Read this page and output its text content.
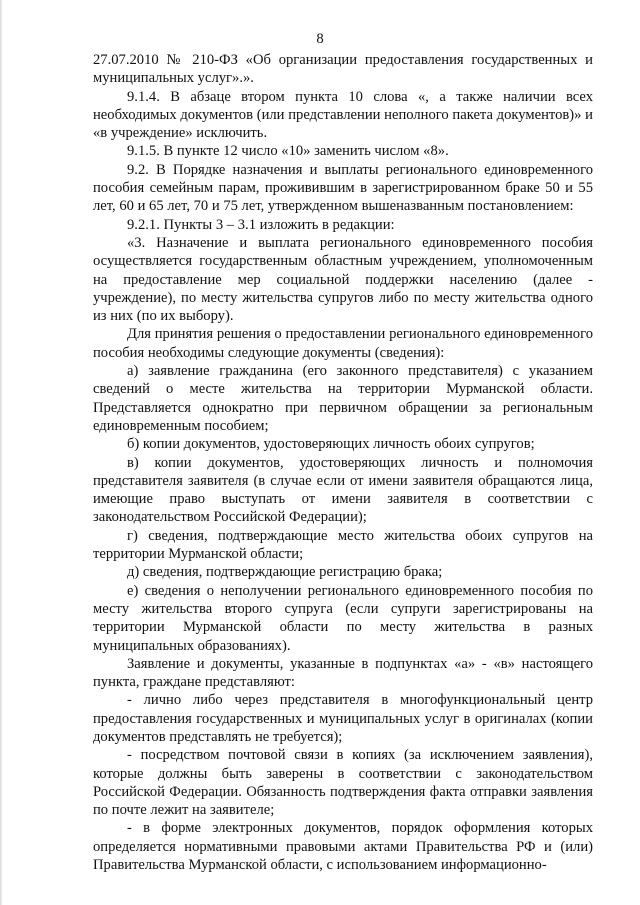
8

27.07.2010 № 210-ФЗ «Об организации предоставления государственных и муниципальных услуг».».

9.1.4. В абзаце втором пункта 10 слова «, а также наличии всех необходимых документов (или представлении неполного пакета документов)» и «в учреждение» исключить.

9.1.5. В пункте 12 число «10» заменить числом «8».

9.2. В Порядке назначения и выплаты регионального единовременного пособия семейным парам, проживившим в зарегистрированном браке 50 и 55 лет, 60 и 65 лет, 70 и 75 лет, утвержденном вышеназванным постановлением:

9.2.1. Пункты 3 – 3.1 изложить в редакции:

«3. Назначение и выплата регионального единовременного пособия осуществляется государственным областным учреждением, уполномоченным на предоставление мер социальной поддержки населению (далее - учреждение), по месту жительства супругов либо по месту жительства одного из них (по их выбору).

Для принятия решения о предоставлении регионального единовременного пособия необходимы следующие документы (сведения):

а) заявление гражданина (его законного представителя) с указанием сведений о месте жительства на территории Мурманской области. Представляется однократно при первичном обращении за региональным единовременным пособием;

б) копии документов, удостоверяющих личность обоих супругов;

в) копии документов, удостоверяющих личность и полномочия представителя заявителя (в случае если от имени заявителя обращаются лица, имеющие право выступать от имени заявителя в соответствии с законодательством Российской Федерации);

г) сведения, подтверждающие место жительства обоих супругов на территории Мурманской области;

д) сведения, подтверждающие регистрацию брака;

е) сведения о неполучении регионального единовременного пособия по месту жительства второго супруга (если супруги зарегистрированы на территории Мурманской области по месту жительства в разных муниципальных образованиях).

Заявление и документы, указанные в подпунктах «а» - «в» настоящего пункта, граждане представляют:

- лично либо через представителя в многофункциональный центр предоставления государственных и муниципальных услуг в оригиналах (копии документов представлять не требуется);

- посредством почтовой связи в копиях (за исключением заявления), которые должны быть заверены в соответствии с законодательством Российской Федерации. Обязанность подтверждения факта отправки заявления по почте лежит на заявителе;

- в форме электронных документов, порядок оформления которых определяется нормативными правовыми актами Правительства РФ и (или) Правительства Мурманской области, с использованием информационно-
